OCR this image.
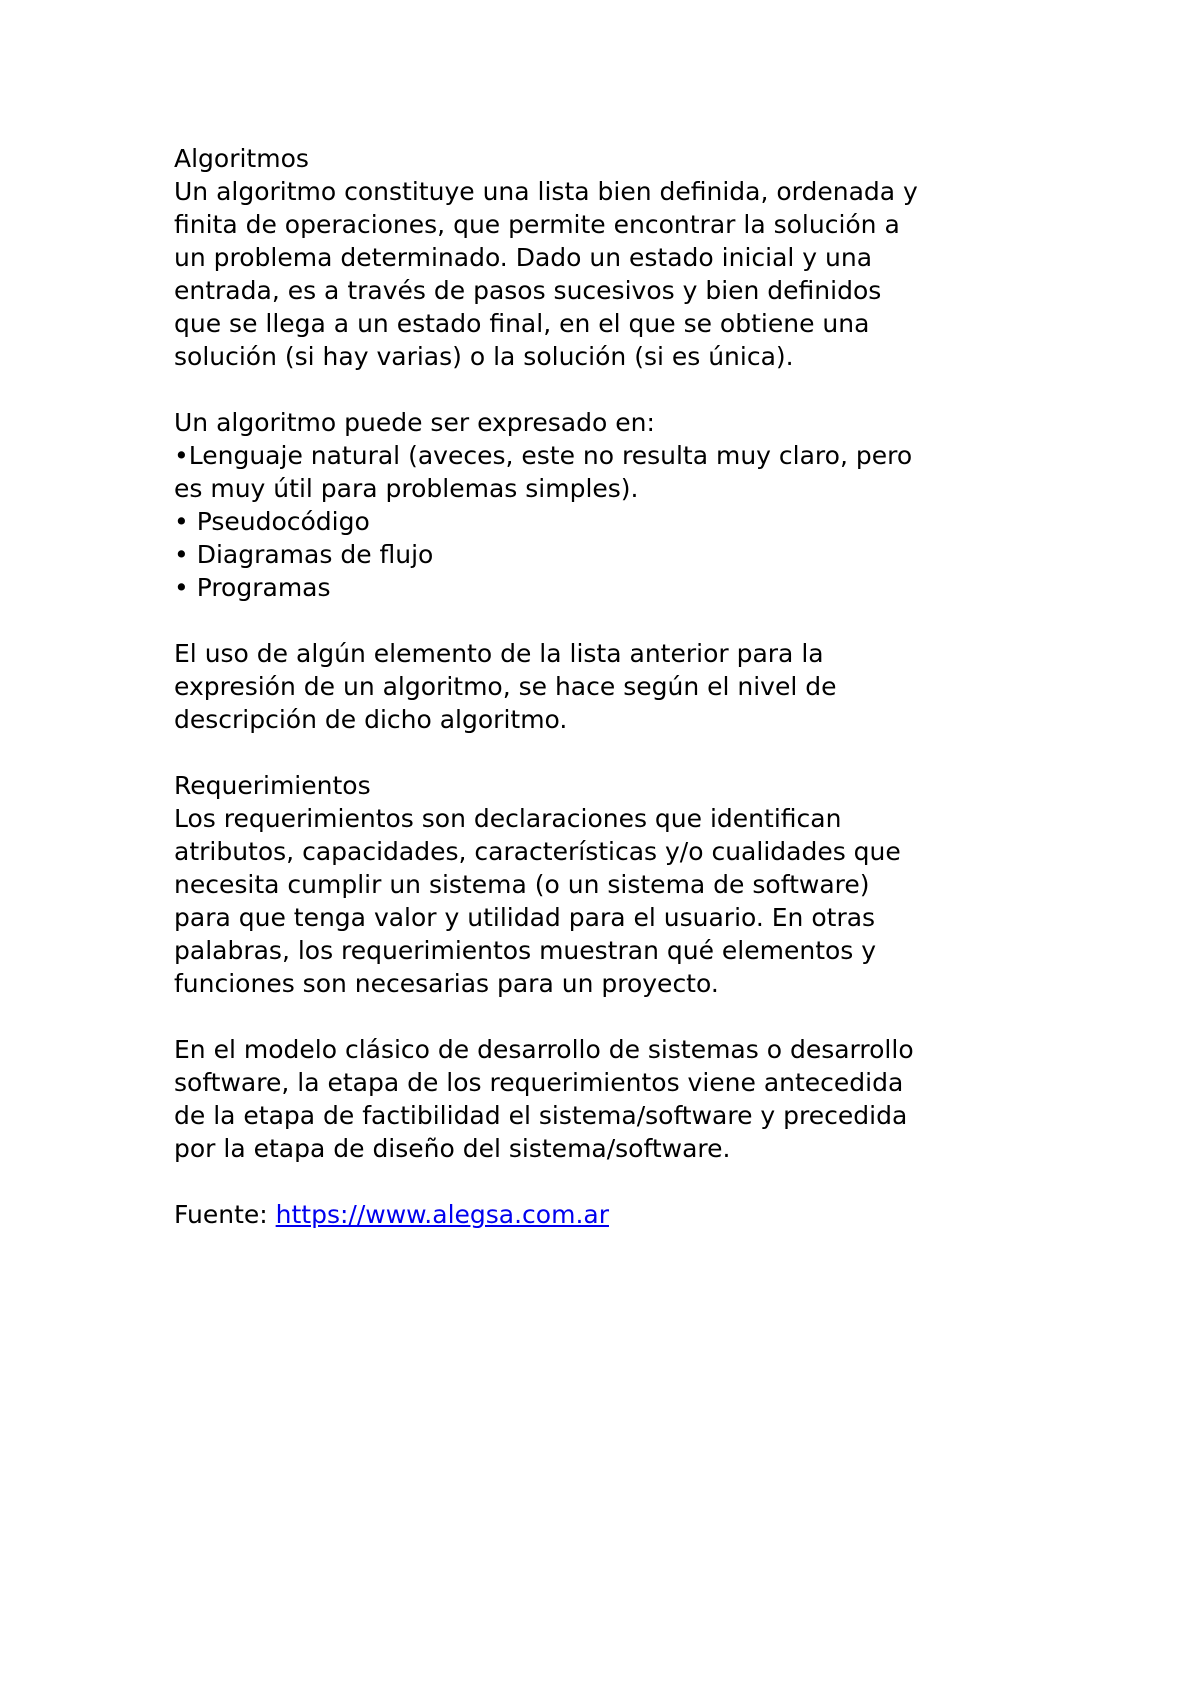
Algoritmos
Un algoritmo constituye una lista bien definida, ordenada y
finita de operaciones, que permite encontrar la solución a
un problema determinado. Dado un estado inicial y una
entrada, es a través de pasos sucesivos y bien definidos
que se llega a un estado final, en el que se obtiene una
solución (si hay varias) o la solución (si es única).
Un algoritmo puede ser expresado en:
•Lenguaje natural (aveces, este no resulta muy claro, pero
es muy útil para problemas simples).
• Pseudocódigo
• Diagramas de flujo
• Programas
El uso de algún elemento de la lista anterior para la
expresión de un algoritmo, se hace según el nivel de
descripción de dicho algoritmo.
Requerimientos
Los requerimientos son declaraciones que identifican
atributos, capacidades, características y/o cualidades que
necesita cumplir un sistema (o un sistema de software)
para que tenga valor y utilidad para el usuario. En otras
palabras, los requerimientos muestran qué elementos y
funciones son necesarias para un proyecto.
En el modelo clásico de desarrollo de sistemas o desarrollo
software, la etapa de los requerimientos viene antecedida
de la etapa de factibilidad el sistema/software y precedida
por la etapa de diseño del sistema/software.
Fuente: https://www.alegsa.com.ar
